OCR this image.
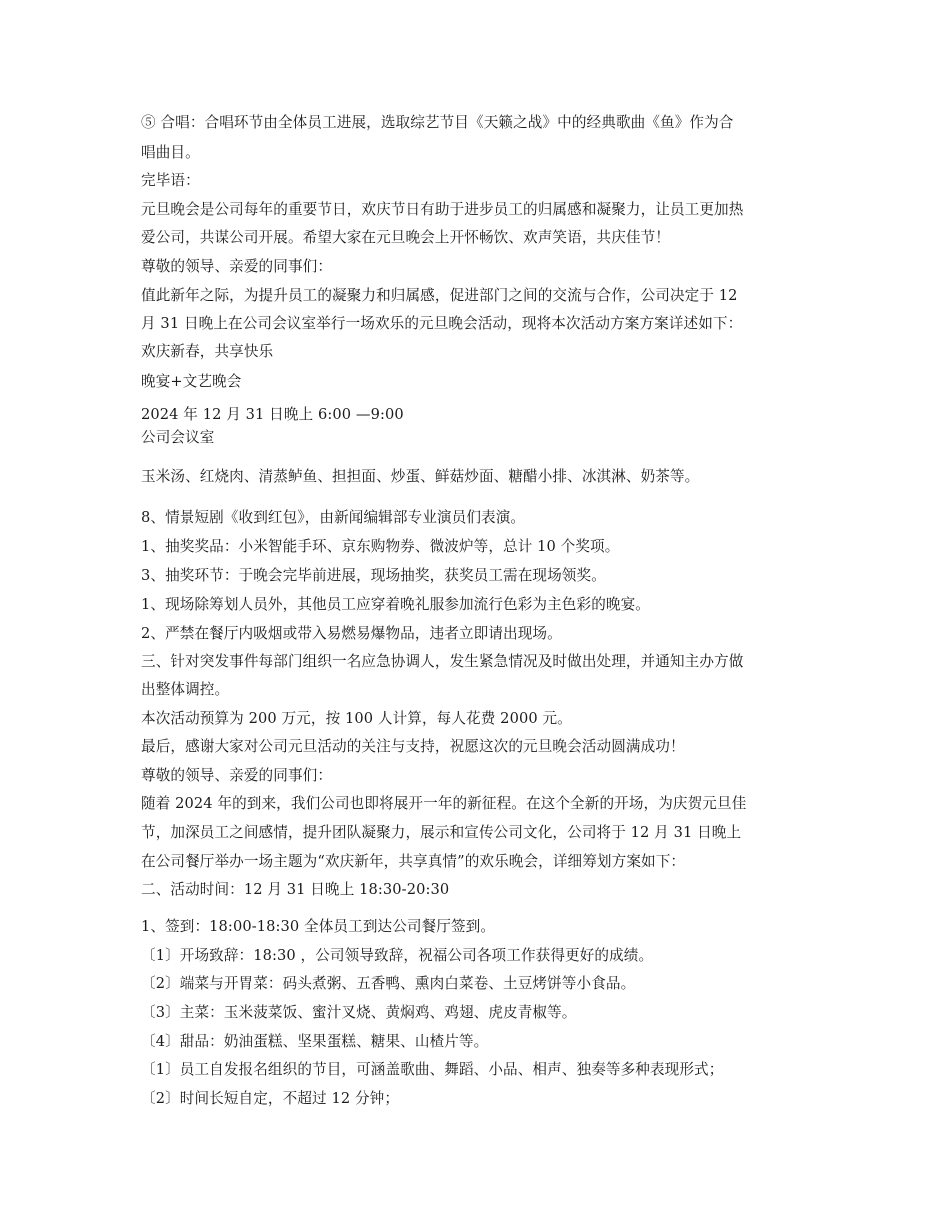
⑤ 合唱：合唱环节由全体员工进展，选取综艺节目《天籁之战》中的经典歌曲《鱼》作为合
唱曲目。
完毕语：
元旦晚会是公司每年的重要节日，欢庆节日有助于进步员工的归属感和凝聚力，让员工更加热
爱公司，共谋公司开展。希望大家在元旦晚会上开怀畅饮、欢声笑语，共庆佳节！
尊敬的领导、亲爱的同事们：
值此新年之际，为提升员工的凝聚力和归属感，促进部门之间的交流与合作，公司决定于 12
月 31 日晚上在公司会议室举行一场欢乐的元旦晚会活动，现将本次活动方案方案详述如下：
欢庆新春，共享快乐
晚宴+文艺晚会
2024 年 12 月 31 日晚上 6:00 —9:00
公司会议室
玉米汤、红烧肉、清蒸鲈鱼、担担面、炒蛋、鲜菇炒面、糖醋小排、冰淇淋、奶茶等。
8、情景短剧《收到红包》，由新闻编辑部专业演员们表演。
1、抽奖奖品：小米智能手环、京东购物券、微波炉等，总计 10 个奖项。
3、抽奖环节：于晚会完毕前进展，现场抽奖，获奖员工需在现场领奖。
1、现场除筹划人员外，其他员工应穿着晚礼服参加流行色彩为主色彩的晚宴。
2、严禁在餐厅内吸烟或带入易燃易爆物品，违者立即请出现场。
三、针对突发事件每部门组织一名应急协调人，发生紧急情况及时做出处理，并通知主办方做
出整体调控。
本次活动预算为 200 万元，按 100 人计算，每人花费 2000 元。
最后，感谢大家对公司元旦活动的关注与支持，祝愿这次的元旦晚会活动圆满成功！
尊敬的领导、亲爱的同事们：
随着 2024 年的到来，我们公司也即将展开一年的新征程。在这个全新的开场，为庆贺元旦佳
节，加深员工之间感情，提升团队凝聚力，展示和宣传公司文化，公司将于 12 月 31 日晚上
在公司餐厅举办一场主题为“欢庆新年，共享真情”的欢乐晚会，详细筹划方案如下：
二、活动时间：12 月 31 日晚上 18:30-20:30
1、签到：18:00-18:30 全体员工到达公司餐厅签到。
〔1〕开场致辞：18:30 ，公司领导致辞，祝福公司各项工作获得更好的成绩。
〔2〕端菜与开胃菜：码头煮粥、五香鸭、熏肉白菜卷、土豆烤饼等小食品。
〔3〕主菜：玉米菠菜饭、蜜汁叉烧、黄焖鸡、鸡翅、虎皮青椒等。
〔4〕甜品：奶油蛋糕、坚果蛋糕、糖果、山楂片等。
〔1〕员工自发报名组织的节目，可涵盖歌曲、舞蹈、小品、相声、独奏等多种表现形式；
〔2〕时间长短自定，不超过 12 分钟；
